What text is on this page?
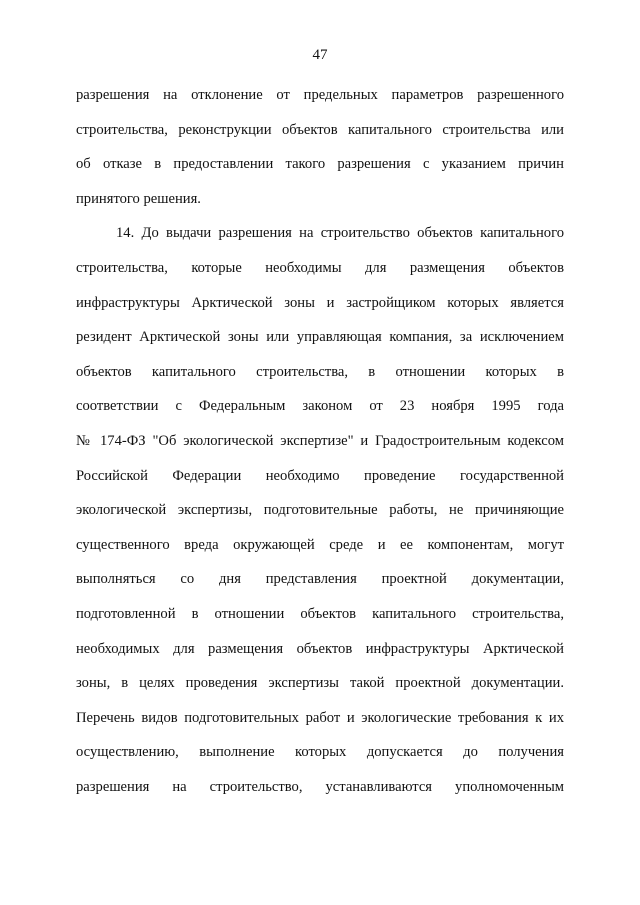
47
разрешения на отклонение от предельных параметров разрешенного
строительства, реконструкции объектов капитального строительства или
об отказе в предоставлении такого разрешения с указанием причин
принятого решения.
14. До выдачи разрешения на строительство объектов капитального
строительства, которые необходимы для размещения объектов
инфраструктуры Арктической зоны и застройщиком которых является
резидент Арктической зоны или управляющая компания, за исключением
объектов капитального строительства, в отношении которых в
соответствии с Федеральным законом от 23 ноября 1995 года
№ 174-ФЗ "Об экологической экспертизе" и Градостроительным кодексом
Российской Федерации необходимо проведение государственной
экологической экспертизы, подготовительные работы, не причиняющие
существенного вреда окружающей среде и ее компонентам, могут
выполняться со дня представления проектной документации,
подготовленной в отношении объектов капитального строительства,
необходимых для размещения объектов инфраструктуры Арктической
зоны, в целях проведения экспертизы такой проектной документации.
Перечень видов подготовительных работ и экологические требования к их
осуществлению, выполнение которых допускается до получения
разрешения на строительство, устанавливаются уполномоченным
